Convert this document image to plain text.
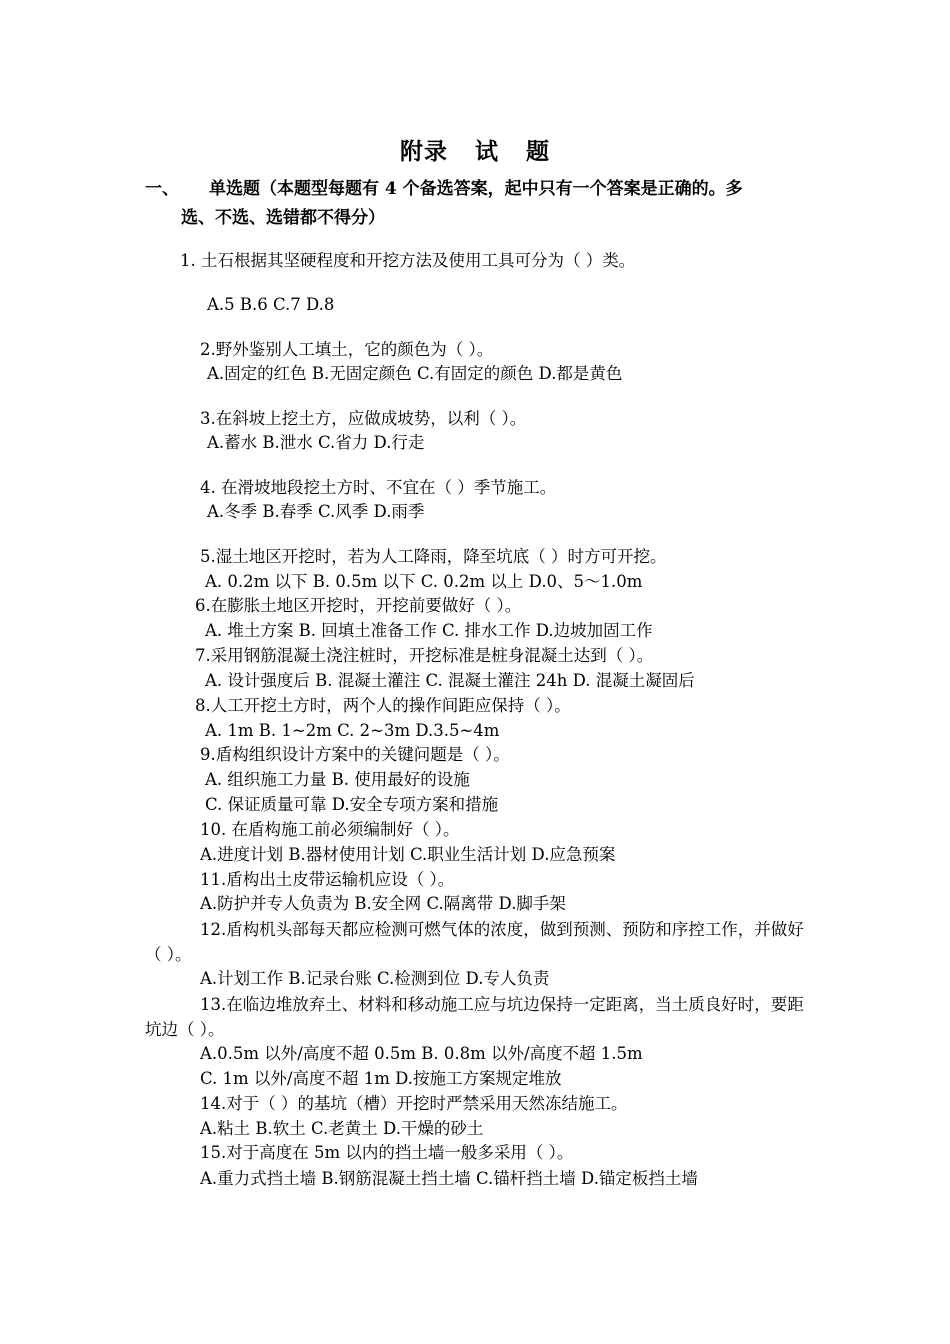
附录   试   题
一、	单选题（本题型每题有 4 个备选答案，起中只有一个答案是正确的。多
选、不选、选错都不得分）
1. 土石根据其坚硬程度和开挖方法及使用工具可分为（ ）类。
A.5 B.6 C.7 D.8
2.野外鉴别人工填土，它的颜色为（ ）。
A.固定的红色 B.无固定颜色 C.有固定的颜色 D.都是黄色
3.在斜坡上挖土方，应做成坡势，以利（ ）。
A.蓄水 B.泄水 C.省力 D.行走
4. 在滑坡地段挖土方时、不宜在（ ）季节施工。
A.冬季 B.春季 C.风季 D.雨季
5.湿土地区开挖时，若为人工降雨，降至坑底（ ）时方可开挖。
A. 0.2m 以下 B. 0.5m 以下 C. 0.2m 以上 D.0、5～1.0m
6.在膨胀土地区开挖时，开挖前要做好（ ）。
A. 堆土方案 B. 回填土准备工作 C. 排水工作 D.边坡加固工作
7.采用钢筋混凝土浇注桩时，开挖标准是桩身混凝土达到（ ）。
A. 设计强度后 B. 混凝土灌注 C. 混凝土灌注 24h D. 混凝土凝固后
8.人工开挖土方时，两个人的操作间距应保持（ ）。
A. 1m B. 1~2m C. 2~3m D.3.5~4m
9.盾构组织设计方案中的关键问题是（ ）。
A. 组织施工力量 B. 使用最好的设施
C. 保证质量可靠 D.安全专项方案和措施
10. 在盾构施工前必须编制好（ ）。
A.进度计划 B.器材使用计划 C.职业生活计划 D.应急预案
11.盾构出土皮带运输机应设（ ）。
A.防护并专人负责为 B.安全网 C.隔离带 D.脚手架
12.盾构机头部每天都应检测可燃气体的浓度，做到预测、预防和序控工作，并做好（ ）。
A.计划工作 B.记录台账 C.检测到位 D.专人负责
13.在临边堆放弃土、材料和移动施工应与坑边保持一定距离，当土质良好时，要距坑边（ ）。
A.0.5m 以外/高度不超 0.5m B. 0.8m 以外/高度不超 1.5m
C. 1m 以外/高度不超 1m D.按施工方案规定堆放
14.对于（ ）的基坑（槽）开挖时严禁采用天然冻结施工。
A.粘土 B.软土 C.老黄土 D.干燥的砂土
15.对于高度在 5m 以内的挡土墙一般多采用（ ）。
A.重力式挡土墙 B.钢筋混凝土挡土墙 C.锚杆挡土墙 D.锚定板挡土墙
